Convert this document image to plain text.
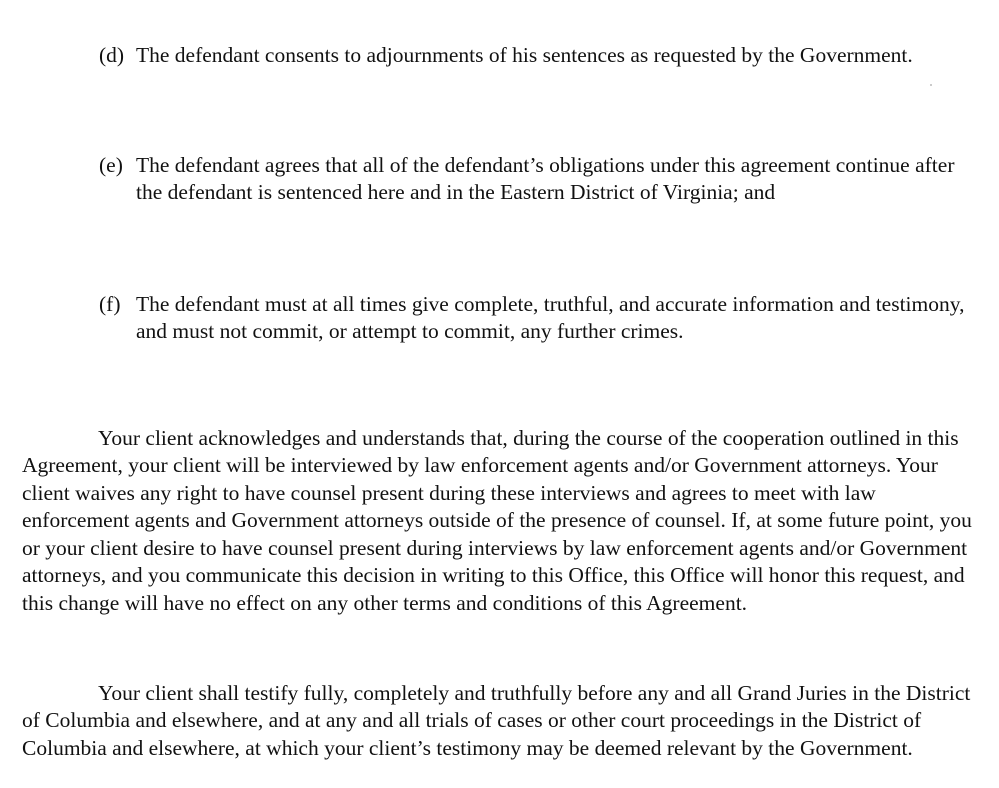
(d) The defendant consents to adjournments of his sentences as requested by the Government.
(e) The defendant agrees that all of the defendant’s obligations under this agreement continue after the defendant is sentenced here and in the Eastern District of Virginia; and
(f) The defendant must at all times give complete, truthful, and accurate information and testimony, and must not commit, or attempt to commit, any further crimes.

Your client acknowledges and understands that, during the course of the cooperation outlined in this Agreement, your client will be interviewed by law enforcement agents and/or Government attorneys. Your client waives any right to have counsel present during these interviews and agrees to meet with law enforcement agents and Government attorneys outside of the presence of counsel. If, at some future point, you or your client desire to have counsel present during interviews by law enforcement agents and/or Government attorneys, and you communicate this decision in writing to this Office, this Office will honor this request, and this change will have no effect on any other terms and conditions of this Agreement.

Your client shall testify fully, completely and truthfully before any and all Grand Juries in the District of Columbia and elsewhere, and at any and all trials of cases or other court proceedings in the District of Columbia and elsewhere, at which your client’s testimony may be deemed relevant by the Government.
